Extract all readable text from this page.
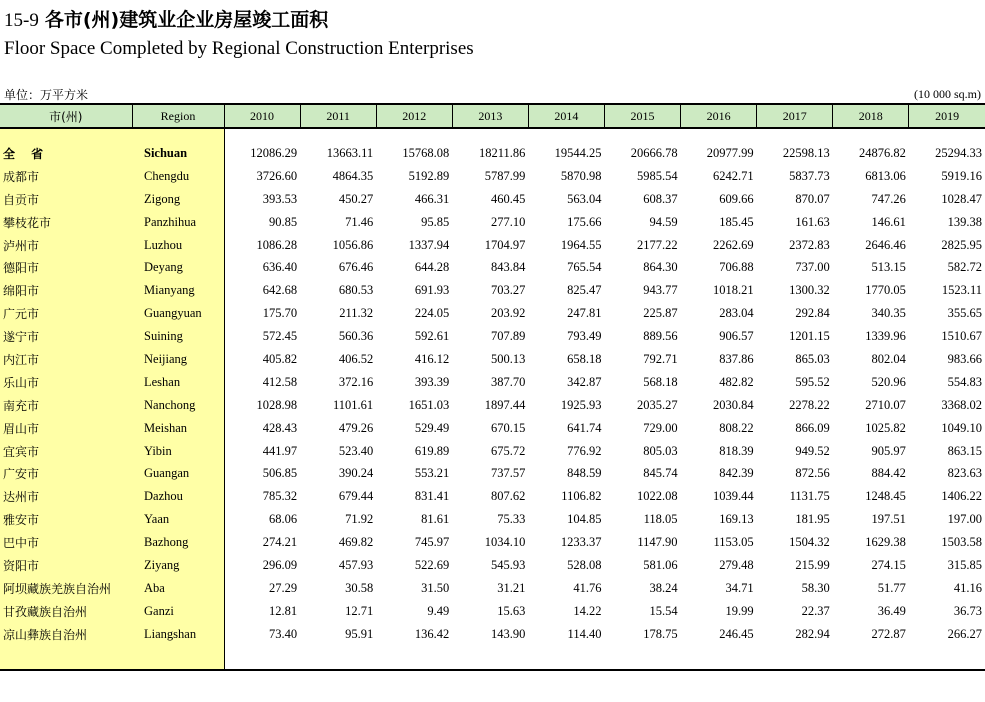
15-9 各市(州)建筑业企业房屋竣工面积
Floor Space Completed by Regional Construction Enterprises
单位：万平方米	(10 000 sq.m)
市(州)	Region	2010	2011	2012	2013	2014	2015	2016	2017	2018	2019

全 省	Sichuan	12086.29	13663.11	15768.08	18211.86	19544.25	20666.78	20977.99	22598.13	24876.82	25294.33
成都市	Chengdu	3726.60	4864.35	5192.89	5787.99	5870.98	5985.54	6242.71	5837.73	6813.06	5919.16
自贡市	Zigong	393.53	450.27	466.31	460.45	563.04	608.37	609.66	870.07	747.26	1028.47
攀枝花市	Panzhihua	90.85	71.46	95.85	277.10	175.66	94.59	185.45	161.63	146.61	139.38
泸州市	Luzhou	1086.28	1056.86	1337.94	1704.97	1964.55	2177.22	2262.69	2372.83	2646.46	2825.95
德阳市	Deyang	636.40	676.46	644.28	843.84	765.54	864.30	706.88	737.00	513.15	582.72
绵阳市	Mianyang	642.68	680.53	691.93	703.27	825.47	943.77	1018.21	1300.32	1770.05	1523.11
广元市	Guangyuan	175.70	211.32	224.05	203.92	247.81	225.87	283.04	292.84	340.35	355.65
遂宁市	Suining	572.45	560.36	592.61	707.89	793.49	889.56	906.57	1201.15	1339.96	1510.67
内江市	Neijiang	405.82	406.52	416.12	500.13	658.18	792.71	837.86	865.03	802.04	983.66
乐山市	Leshan	412.58	372.16	393.39	387.70	342.87	568.18	482.82	595.52	520.96	554.83
南充市	Nanchong	1028.98	1101.61	1651.03	1897.44	1925.93	2035.27	2030.84	2278.22	2710.07	3368.02
眉山市	Meishan	428.43	479.26	529.49	670.15	641.74	729.00	808.22	866.09	1025.82	1049.10
宜宾市	Yibin	441.97	523.40	619.89	675.72	776.92	805.03	818.39	949.52	905.97	863.15
广安市	Guangan	506.85	390.24	553.21	737.57	848.59	845.74	842.39	872.56	884.42	823.63
达州市	Dazhou	785.32	679.44	831.41	807.62	1106.82	1022.08	1039.44	1131.75	1248.45	1406.22
雅安市	Yaan	68.06	71.92	81.61	75.33	104.85	118.05	169.13	181.95	197.51	197.00
巴中市	Bazhong	274.21	469.82	745.97	1034.10	1233.37	1147.90	1153.05	1504.32	1629.38	1503.58
资阳市	Ziyang	296.09	457.93	522.69	545.93	528.08	581.06	279.48	215.99	274.15	315.85
阿坝藏族羌族自治州	Aba	27.29	30.58	31.50	31.21	41.76	38.24	34.71	58.30	51.77	41.16
甘孜藏族自治州	Ganzi	12.81	12.71	9.49	15.63	14.22	15.54	19.99	22.37	36.49	36.73
凉山彝族自治州	Liangshan	73.40	95.91	136.42	143.90	114.40	178.75	246.45	282.94	272.87	266.27
